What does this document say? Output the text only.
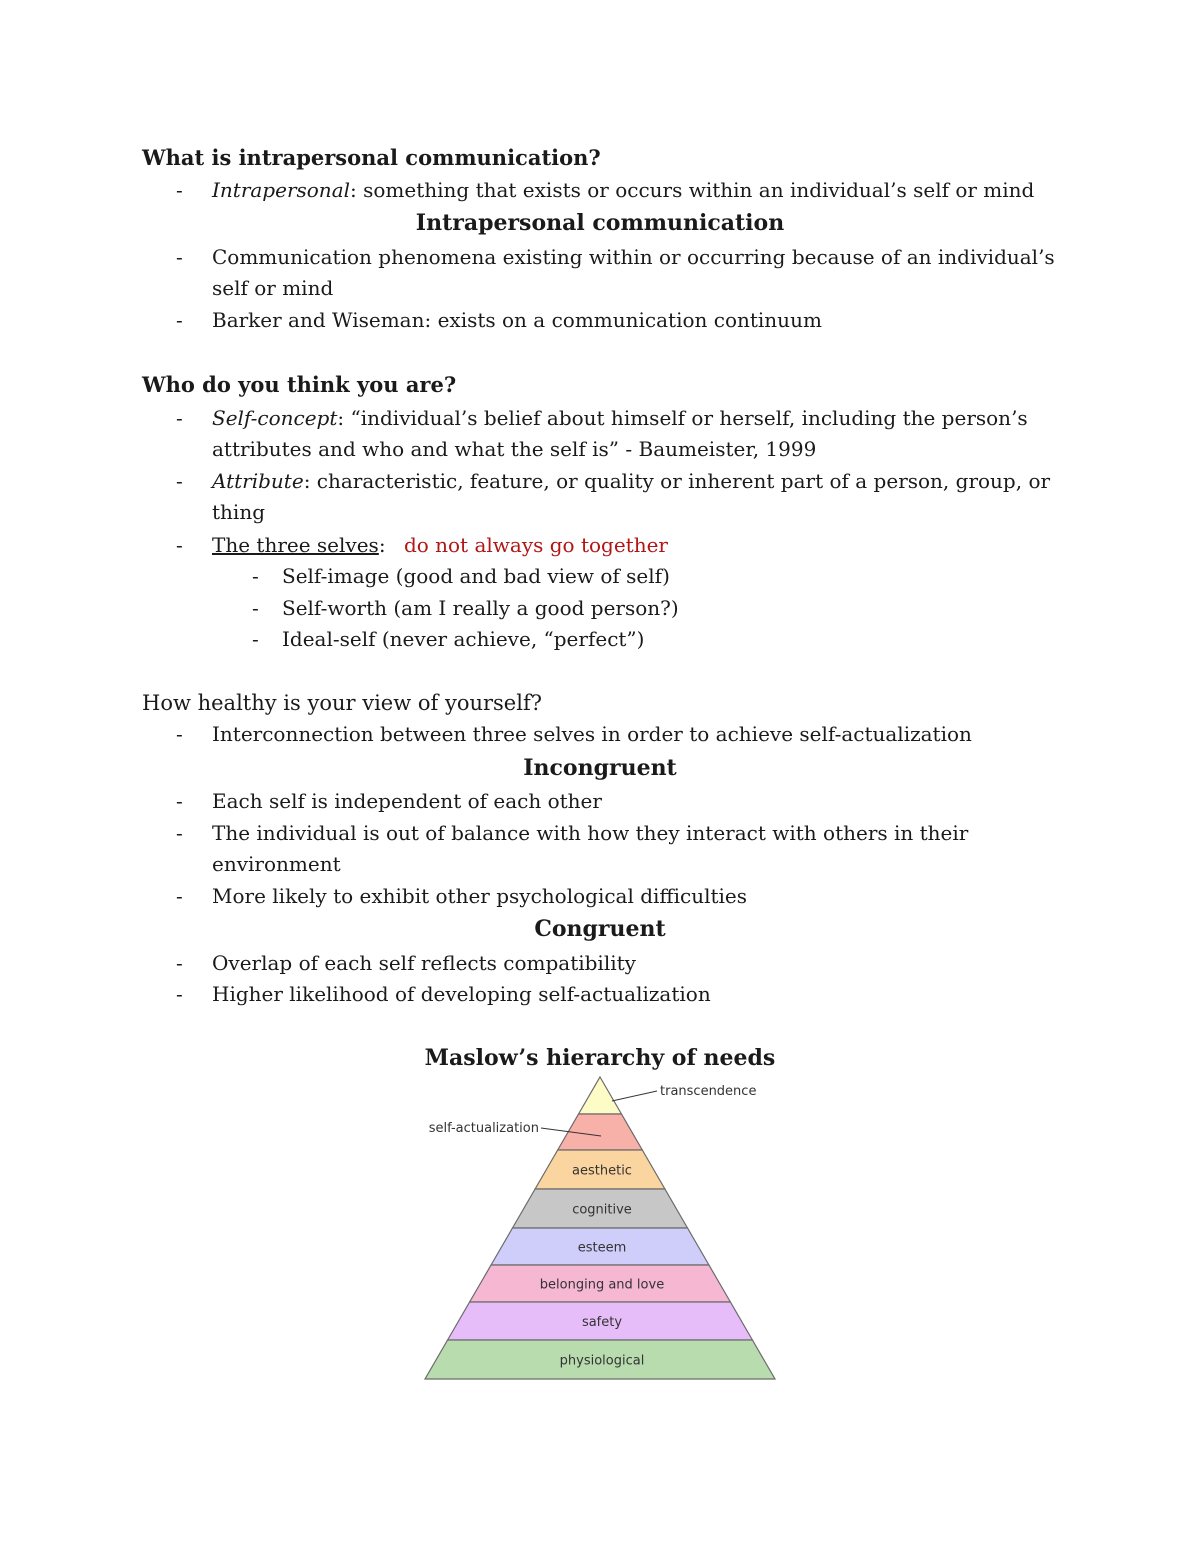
What is intrapersonal communication?
- Intrapersonal: something that exists or occurs within an individual’s self or mind
Intrapersonal communication
- Communication phenomena existing within or occurring because of an individual’s self or mind
- Barker and Wiseman: exists on a communication continuum
Who do you think you are?
- Self-concept: “individual’s belief about himself or herself, including the person’s attributes and who and what the self is” - Baumeister, 1999
- Attribute: characteristic, feature, or quality or inherent part of a person, group, or thing
- The three selves: do not always go together
- Self-image (good and bad view of self)
- Self-worth (am I really a good person?)
- Ideal-self (never achieve, “perfect”)
How healthy is your view of yourself?
- Interconnection between three selves in order to achieve self-actualization
Incongruent
- Each self is independent of each other
- The individual is out of balance with how they interact with others in their environment
- More likely to exhibit other psychological difficulties
Congruent
- Overlap of each self reflects compatibility
- Higher likelihood of developing self-actualization
Maslow’s hierarchy of needs
aesthetic
cognitive
esteem
belonging and love
safety
physiological
transcendence
self-actualization
